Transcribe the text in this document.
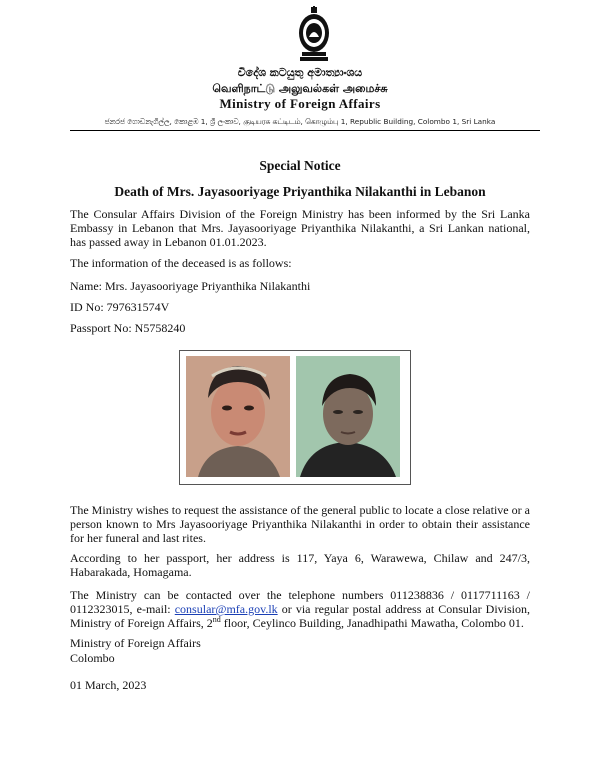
විදේශ කටයුතු අමාත්‍යාංශය
வெளிநாட்டு அலுவல்கள் அமைச்சு
Ministry of Foreign Affairs
ජනරජ ගොඩනැගිල්ල, කොළඹ 1, ශ්‍රී ලංකාව, குடியரசு கட்டிடம், கொழும்பு 1, Republic Building, Colombo 1, Sri Lanka
Special Notice
Death of Mrs. Jayasooriyage Priyanthika Nilakanthi in Lebanon
The Consular Affairs Division of the Foreign Ministry has been informed by the Sri Lanka Embassy in Lebanon that Mrs. Jayasooriyage Priyanthika Nilakanthi, a Sri Lankan national, has passed away in Lebanon 01.01.2023.
The information of the deceased is as follows:
Name: Mrs. Jayasooriyage Priyanthika Nilakanthi
ID No: 797631574V
Passport No: N5758240
The Ministry wishes to request the assistance of the general public to locate a close relative or a person known to Mrs Jayasooriyage Priyanthika Nilakanthi in order to obtain their assistance for her funeral and last rites.
According to her passport, her address is 117, Yaya 6, Warawewa, Chilaw and 247/3, Habarakada, Homagama.
The Ministry can be contacted over the telephone numbers 011238836 / 0117711163 / 0112323015, e-mail: consular@mfa.gov.lk or via regular postal address at Consular Division, Ministry of Foreign Affairs, 2nd floor, Ceylinco Building, Janadhipathi Mawatha, Colombo 01.
Ministry of Foreign Affairs
Colombo
01 March, 2023
